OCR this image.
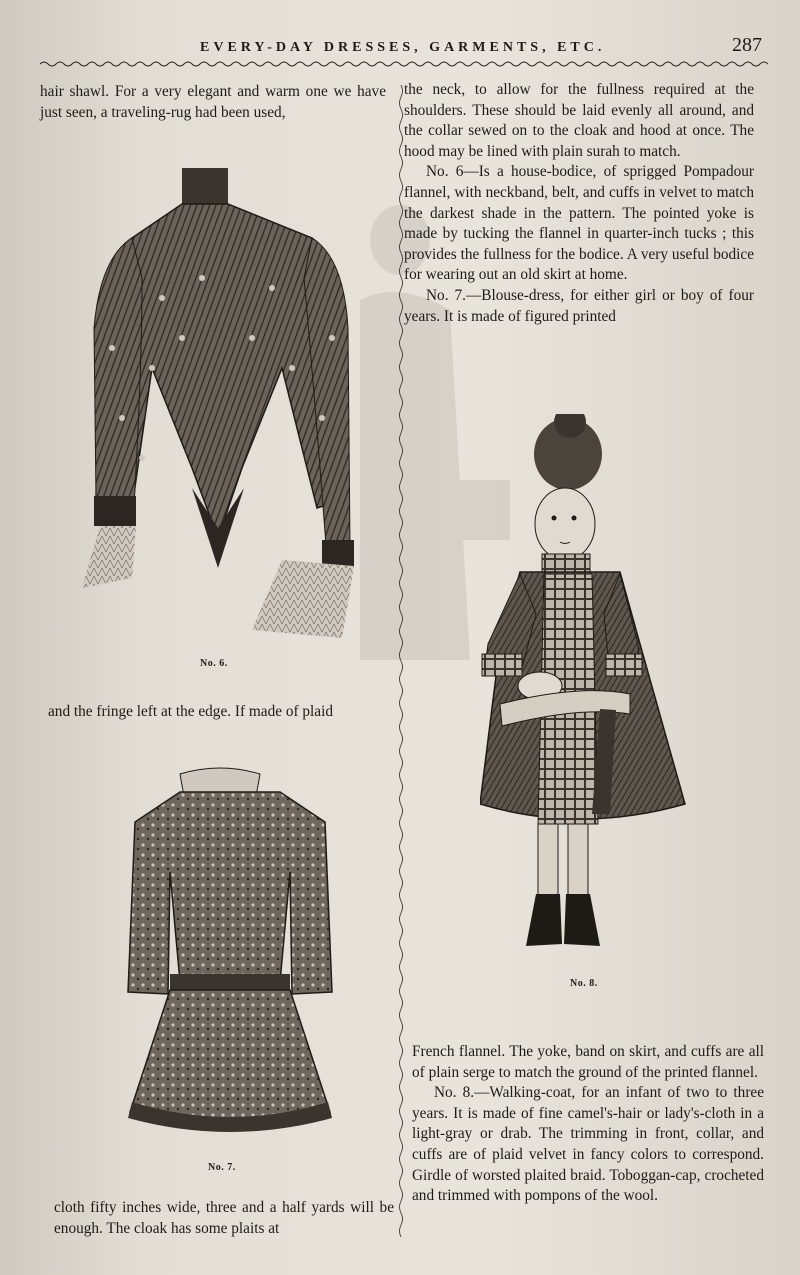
EVERY-DAY DRESSES, GARMENTS, ETC.	287

hair shawl. For a very elegant and warm one we have just seen, a traveling-rug had been used,

No. 6.

and the fringe left at the edge. If made of plaid

No. 7.

cloth fifty inches wide, three and a half yards will be enough. The cloak has some plaits at

the neck, to allow for the fullness required at the shoulders. These should be laid evenly all around, and the collar sewed on to the cloak and hood at once. The hood may be lined with plain surah to match.

No. 6—Is a house-bodice, of sprigged Pompadour flannel, with neckband, belt, and cuffs in velvet to match the darkest shade in the pattern. The pointed yoke is made by tucking the flannel in quarter-inch tucks ; this provides the fullness for the bodice. A very useful bodice for wearing out an old skirt at home.

No. 7.—Blouse-dress, for either girl or boy of four years. It is made of figured printed

No. 8.

French flannel. The yoke, band on skirt, and cuffs are all of plain serge to match the ground of the printed flannel.

No. 8.—Walking-coat, for an infant of two to three years. It is made of fine camel's-hair or lady's-cloth in a light-gray or drab. The trimming in front, collar, and cuffs are of plaid velvet in fancy colors to correspond. Girdle of worsted plaited braid. Toboggan-cap, crocheted and trimmed with pompons of the wool.
